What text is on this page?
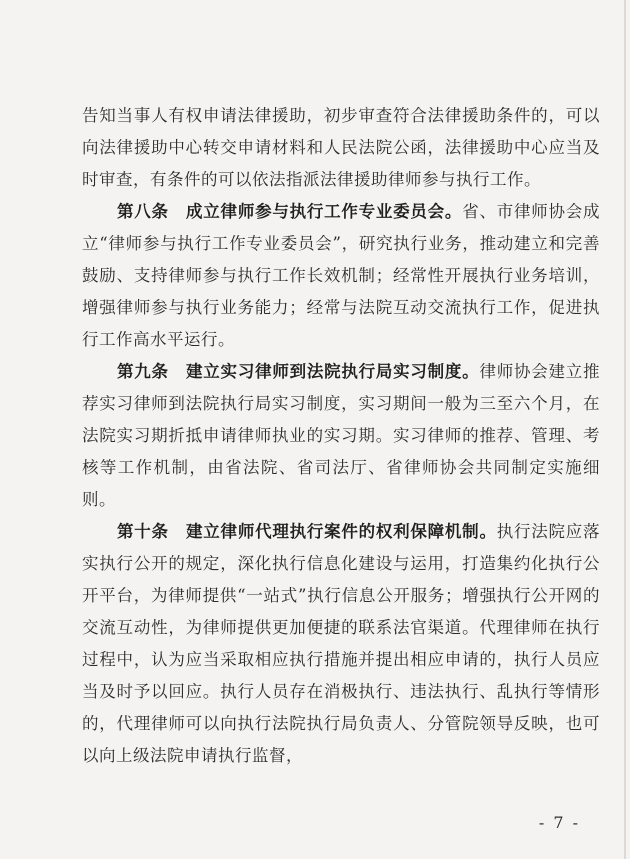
告知当事人有权申请法律援助，初步审查符合法律援助条件的，可以向法律援助中心转交申请材料和人民法院公函，法律援助中心应当及时审查，有条件的可以依法指派法律援助律师参与执行工作。

第八条　成立律师参与执行工作专业委员会。省、市律师协会成立“律师参与执行工作专业委员会”，研究执行业务，推动建立和完善鼓励、支持律师参与执行工作长效机制；经常性开展执行业务培训，增强律师参与执行业务能力；经常与法院互动交流执行工作，促进执行工作高水平运行。

第九条　建立实习律师到法院执行局实习制度。律师协会建立推荐实习律师到法院执行局实习制度，实习期间一般为三至六个月，在法院实习期折抵申请律师执业的实习期。实习律师的推荐、管理、考核等工作机制，由省法院、省司法厅、省律师协会共同制定实施细则。

第十条　建立律师代理执行案件的权利保障机制。执行法院应落实执行公开的规定，深化执行信息化建设与运用，打造集约化执行公开平台，为律师提供“一站式”执行信息公开服务；增强执行公开网的交流互动性，为律师提供更加便捷的联系法官渠道。代理律师在执行过程中，认为应当采取相应执行措施并提出相应申请的，执行人员应当及时予以回应。执行人员存在消极执行、违法执行、乱执行等情形的，代理律师可以向执行法院执行局负责人、分管院领导反映，也可以向上级法院申请执行监督，

- 7 -
